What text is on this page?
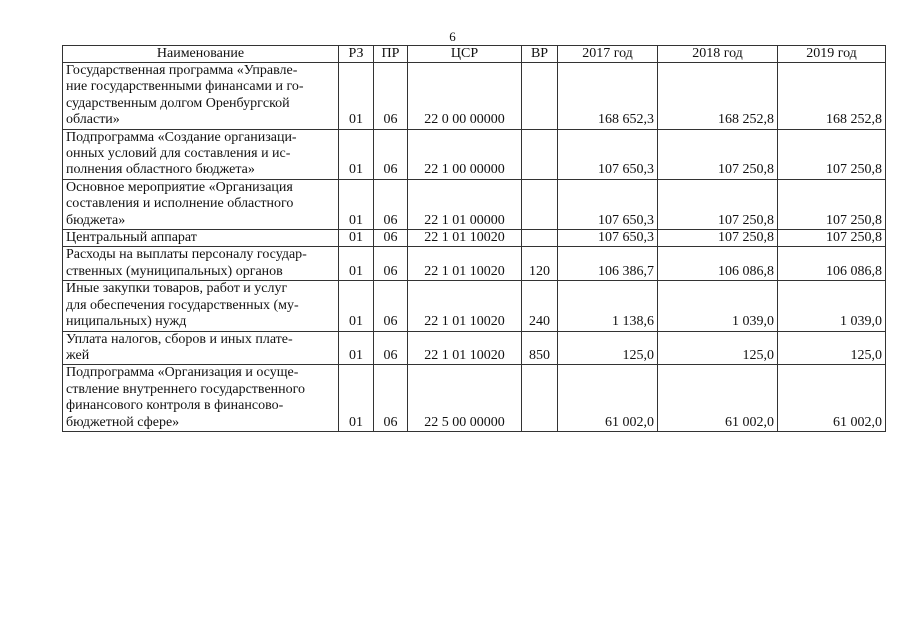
6
Наименование	РЗ	ПР	ЦСР	ВР	2017 год	2018 год	2019 год

Государственная программа «Управле-
ние государственными финансами и го-
сударственным долгом Оренбургской
области»	01	06	22 0 00 00000		168 652,3	168 252,8	168 252,8

Подпрограмма «Создание организаци-
онных условий для составления и ис-
полнения областного бюджета»	01	06	22 1 00 00000		107 650,3	107 250,8	107 250,8

Основное мероприятие «Организация
составления и исполнение областного
бюджета»	01	06	22 1 01 00000		107 650,3	107 250,8	107 250,8

Центральный аппарат	01	06	22 1 01 10020		107 650,3	107 250,8	107 250,8

Расходы на выплаты персоналу государ-
ственных (муниципальных) органов	01	06	22 1 01 10020	120	106 386,7	106 086,8	106 086,8

Иные закупки товаров, работ и услуг
для обеспечения государственных (му-
ниципальных) нужд	01	06	22 1 01 10020	240	1 138,6	1 039,0	1 039,0

Уплата налогов, сборов и иных плате-
жей	01	06	22 1 01 10020	850	125,0	125,0	125,0

Подпрограмма «Организация и осуще-
ствление внутреннего государственного
финансового контроля в финансово-
бюджетной сфере»	01	06	22 5 00 00000		61 002,0	61 002,0	61 002,0
